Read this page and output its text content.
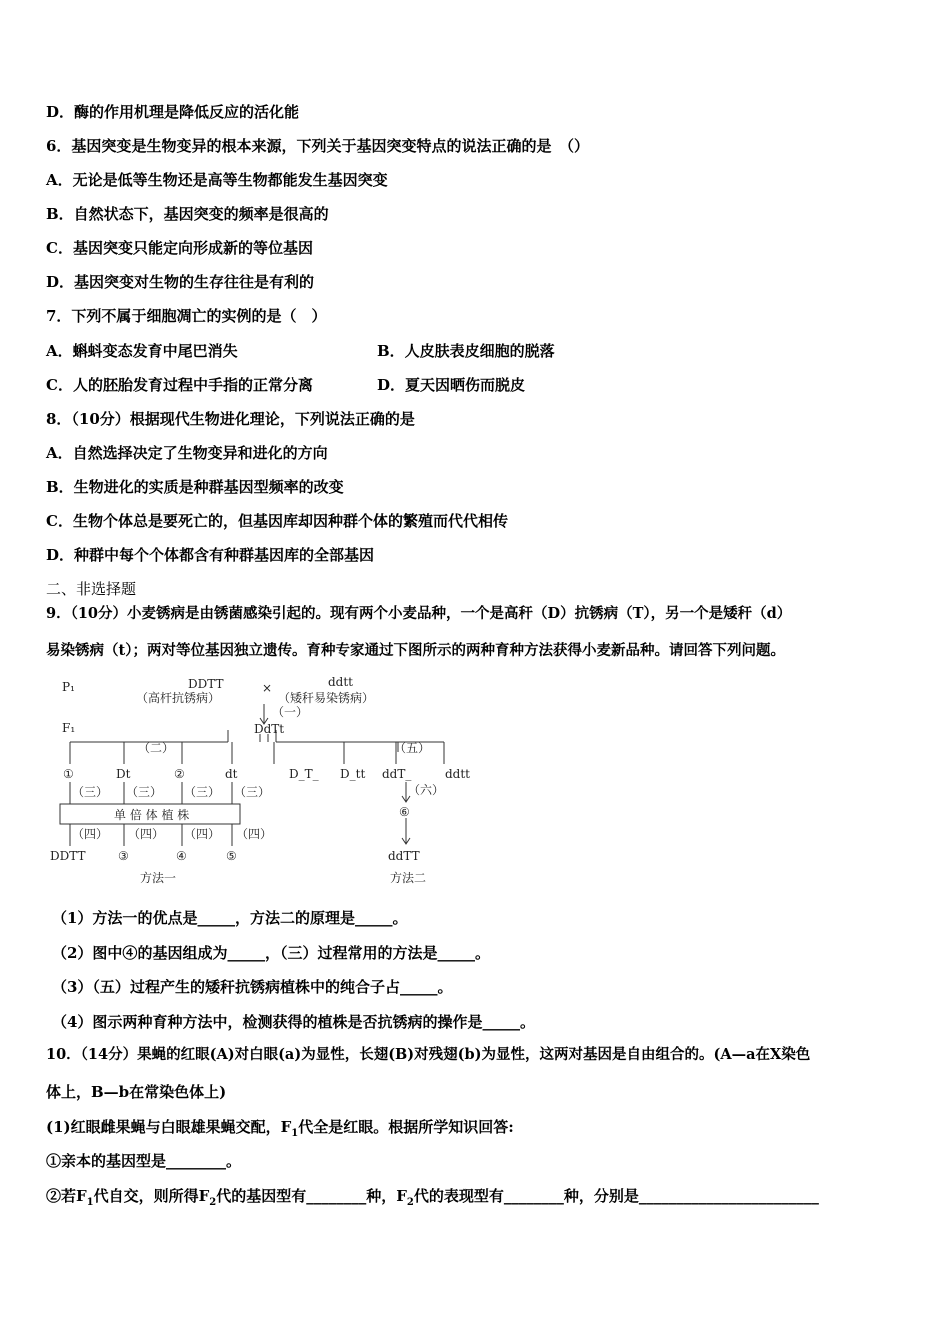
D．酶的作用机理是降低反应的活化能
6．基因突变是生物变异的根本来源，下列关于基因突变特点的说法正确的是　（）
A．无论是低等生物还是高等生物都能发生基因突变
B．自然状态下，基因突变的频率是很高的
C．基因突变只能定向形成新的等位基因
D．基因突变对生物的生存往往是有利的
7．下列不属于细胞凋亡的实例的是（　）
A．蝌蚪变态发育中尾巴消失	B．人皮肤表皮细胞的脱落
C．人的胚胎发育过程中手指的正常分离	D．夏天因晒伤而脱皮
8．（10分）根据现代生物进化理论，下列说法正确的是
A．自然选择决定了生物变异和进化的方向
B．生物进化的实质是种群基因型频率的改变
C．生物个体总是要死亡的，但基因库却因种群个体的繁殖而代代相传
D．种群中每个个体都含有种群基因库的全部基因
二、非选择题
9．（10分）小麦锈病是由锈菌感染引起的。现有两个小麦品种，一个是高秆（D）抗锈病（T），另一个是矮秆（d）
易染锈病（t）；两对等位基因独立遗传。育种专家通过下图所示的两种育种方法获得小麦新品种。请回答下列问题。
P₁	DDTT
（高杆抗锈病）
×	ddtt
（矮秆易染锈病）
（一）
F₁	DdTt
（二）	（五）
①	Dt	②	dt	D_T_ D_tt ddT_	ddtt
（三） （三） （三） （三）
单 倍 体 植 株
（四） （四） （四） （四）
DDTT	③	④	⑤
方法一
（六）
⑥
ddTT
方法二
（1）方法一的优点是_____，方法二的原理是_____。
（2）图中④的基因组成为_____，（三）过程常用的方法是_____。
（3）（五）过程产生的矮秆抗锈病植株中的纯合子占_____。
（4）图示两种育种方法中，检测获得的植株是否抗锈病的操作是_____。
10．（14分）果蝇的红眼(A)对白眼(a)为显性，长翅(B)对残翅(b)为显性，这两对基因是自由组合的。(A—a在X染色
体上，B—b在常染色体上)
(1)红眼雌果蝇与白眼雄果蝇交配，$F_1$代全是红眼。根据所学知识回答:
①亲本的基因型是________。
②若$F_1$代自交，则所得$F_2$代的基因型有________种，$F_2$代的表现型有________种，分别是________________________
